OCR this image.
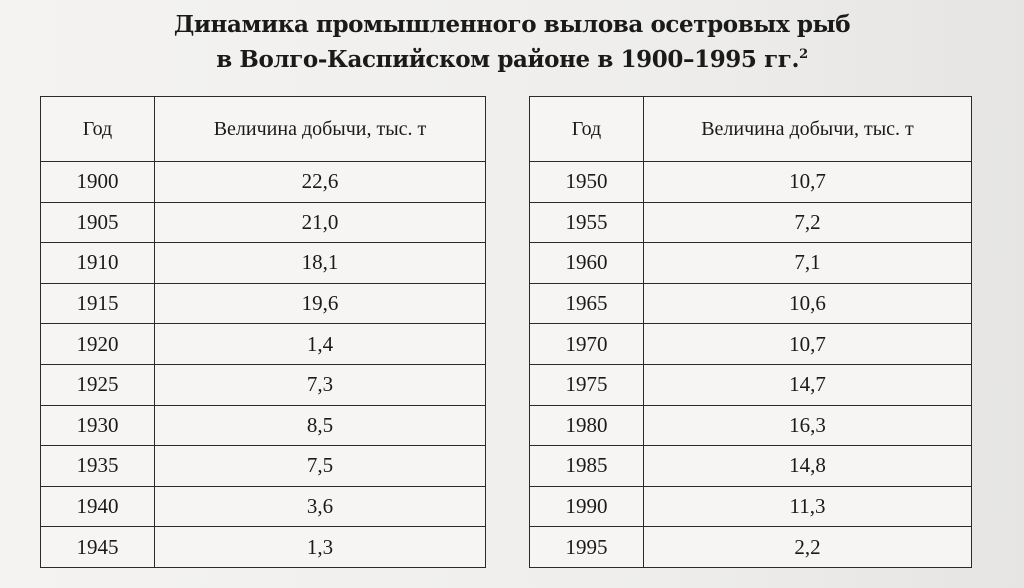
Динамика промышленного вылова осетровых рыб
в Волго-Каспийском районе в 1900–1995 гг.$^2$
Год	Величина добычи, тыс. т
1900	22,6
1905	21,0
1910	18,1
1915	19,6
1920	1,4
1925	7,3
1930	8,5
1935	7,5
1940	3,6
1945	1,3
Год	Величина добычи, тыс. т
1950	10,7
1955	7,2
1960	7,1
1965	10,6
1970	10,7
1975	14,7
1980	16,3
1985	14,8
1990	11,3
1995	2,2
